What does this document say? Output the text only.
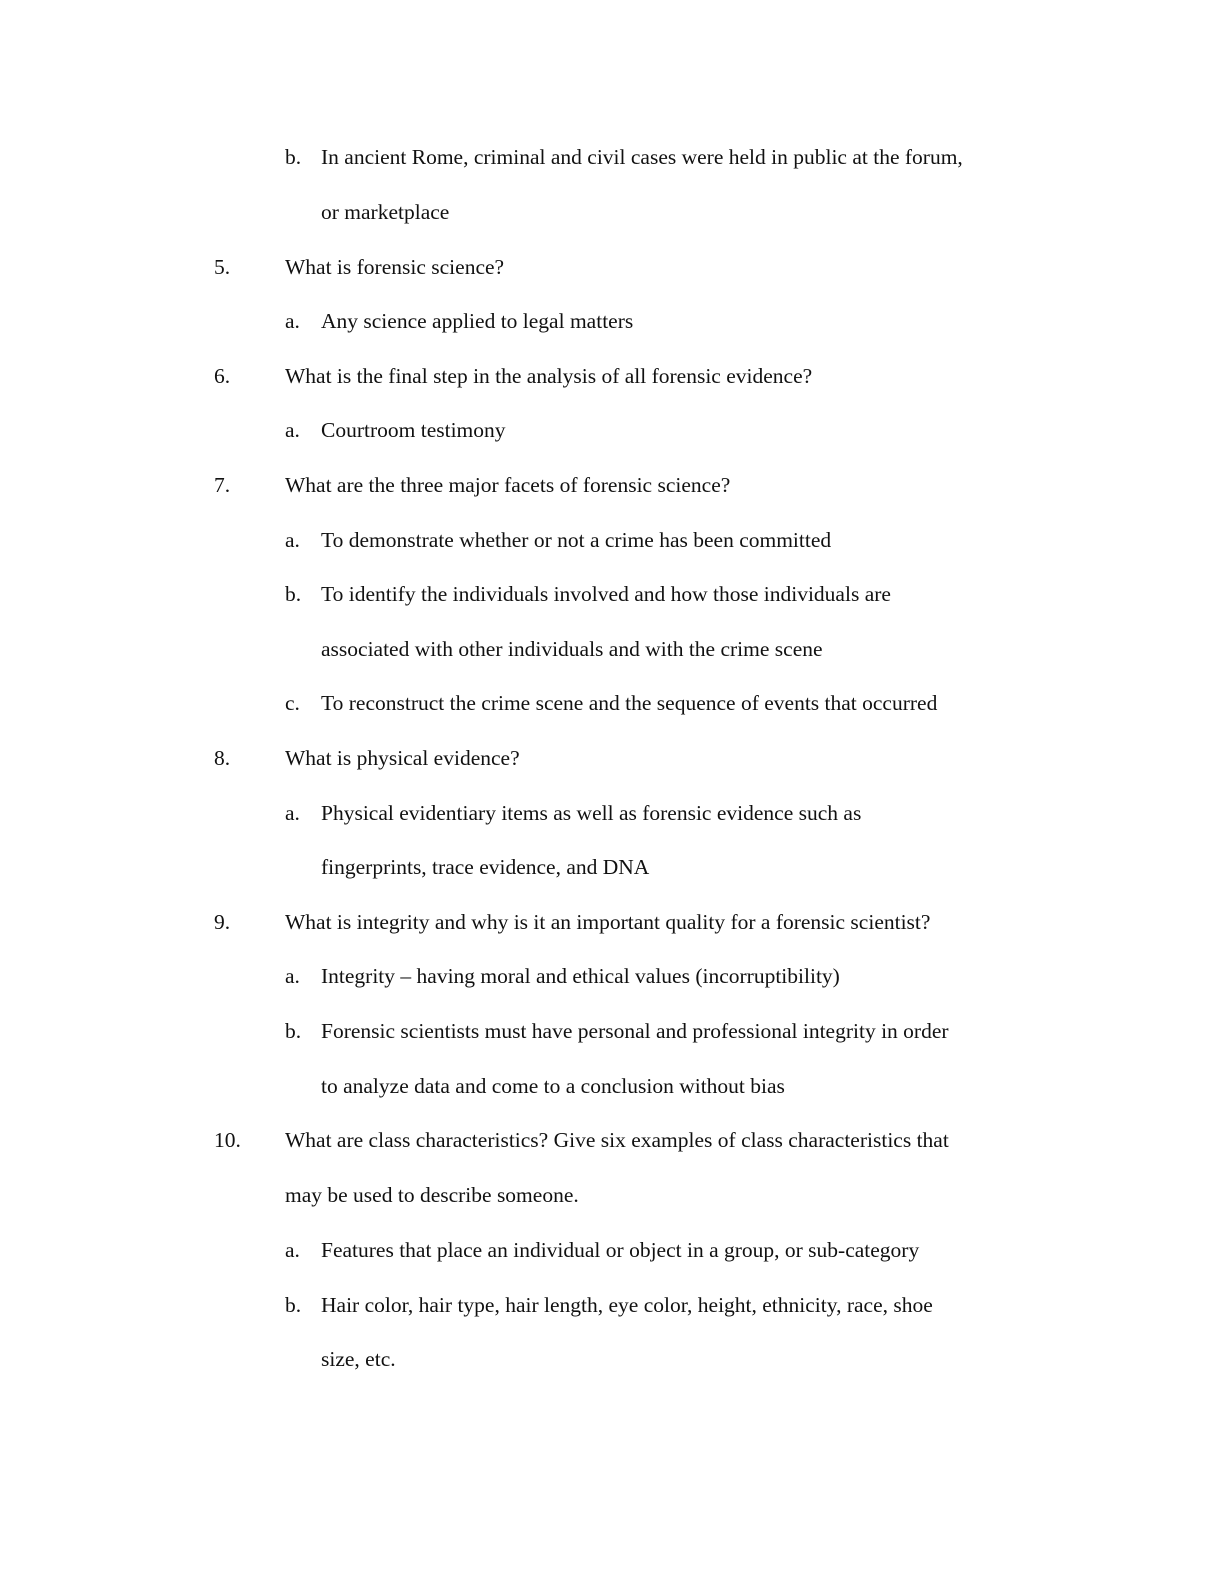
b. In ancient Rome, criminal and civil cases were held in public at the forum,
or marketplace
5.	What is forensic science?
a. Any science applied to legal matters
6.	What is the final step in the analysis of all forensic evidence?
a. Courtroom testimony
7.	What are the three major facets of forensic science?
a. To demonstrate whether or not a crime has been committed
b. To identify the individuals involved and how those individuals are
associated with other individuals and with the crime scene
c. To reconstruct the crime scene and the sequence of events that occurred
8.	What is physical evidence?
a. Physical evidentiary items as well as forensic evidence such as
fingerprints, trace evidence, and DNA
9.	What is integrity and why is it an important quality for a forensic scientist?
a. Integrity – having moral and ethical values (incorruptibility)
b. Forensic scientists must have personal and professional integrity in order
to analyze data and come to a conclusion without bias
10. What are class characteristics? Give six examples of class characteristics that
may be used to describe someone.
a. Features that place an individual or object in a group, or sub-category
b. Hair color, hair type, hair length, eye color, height, ethnicity, race, shoe
size, etc.
